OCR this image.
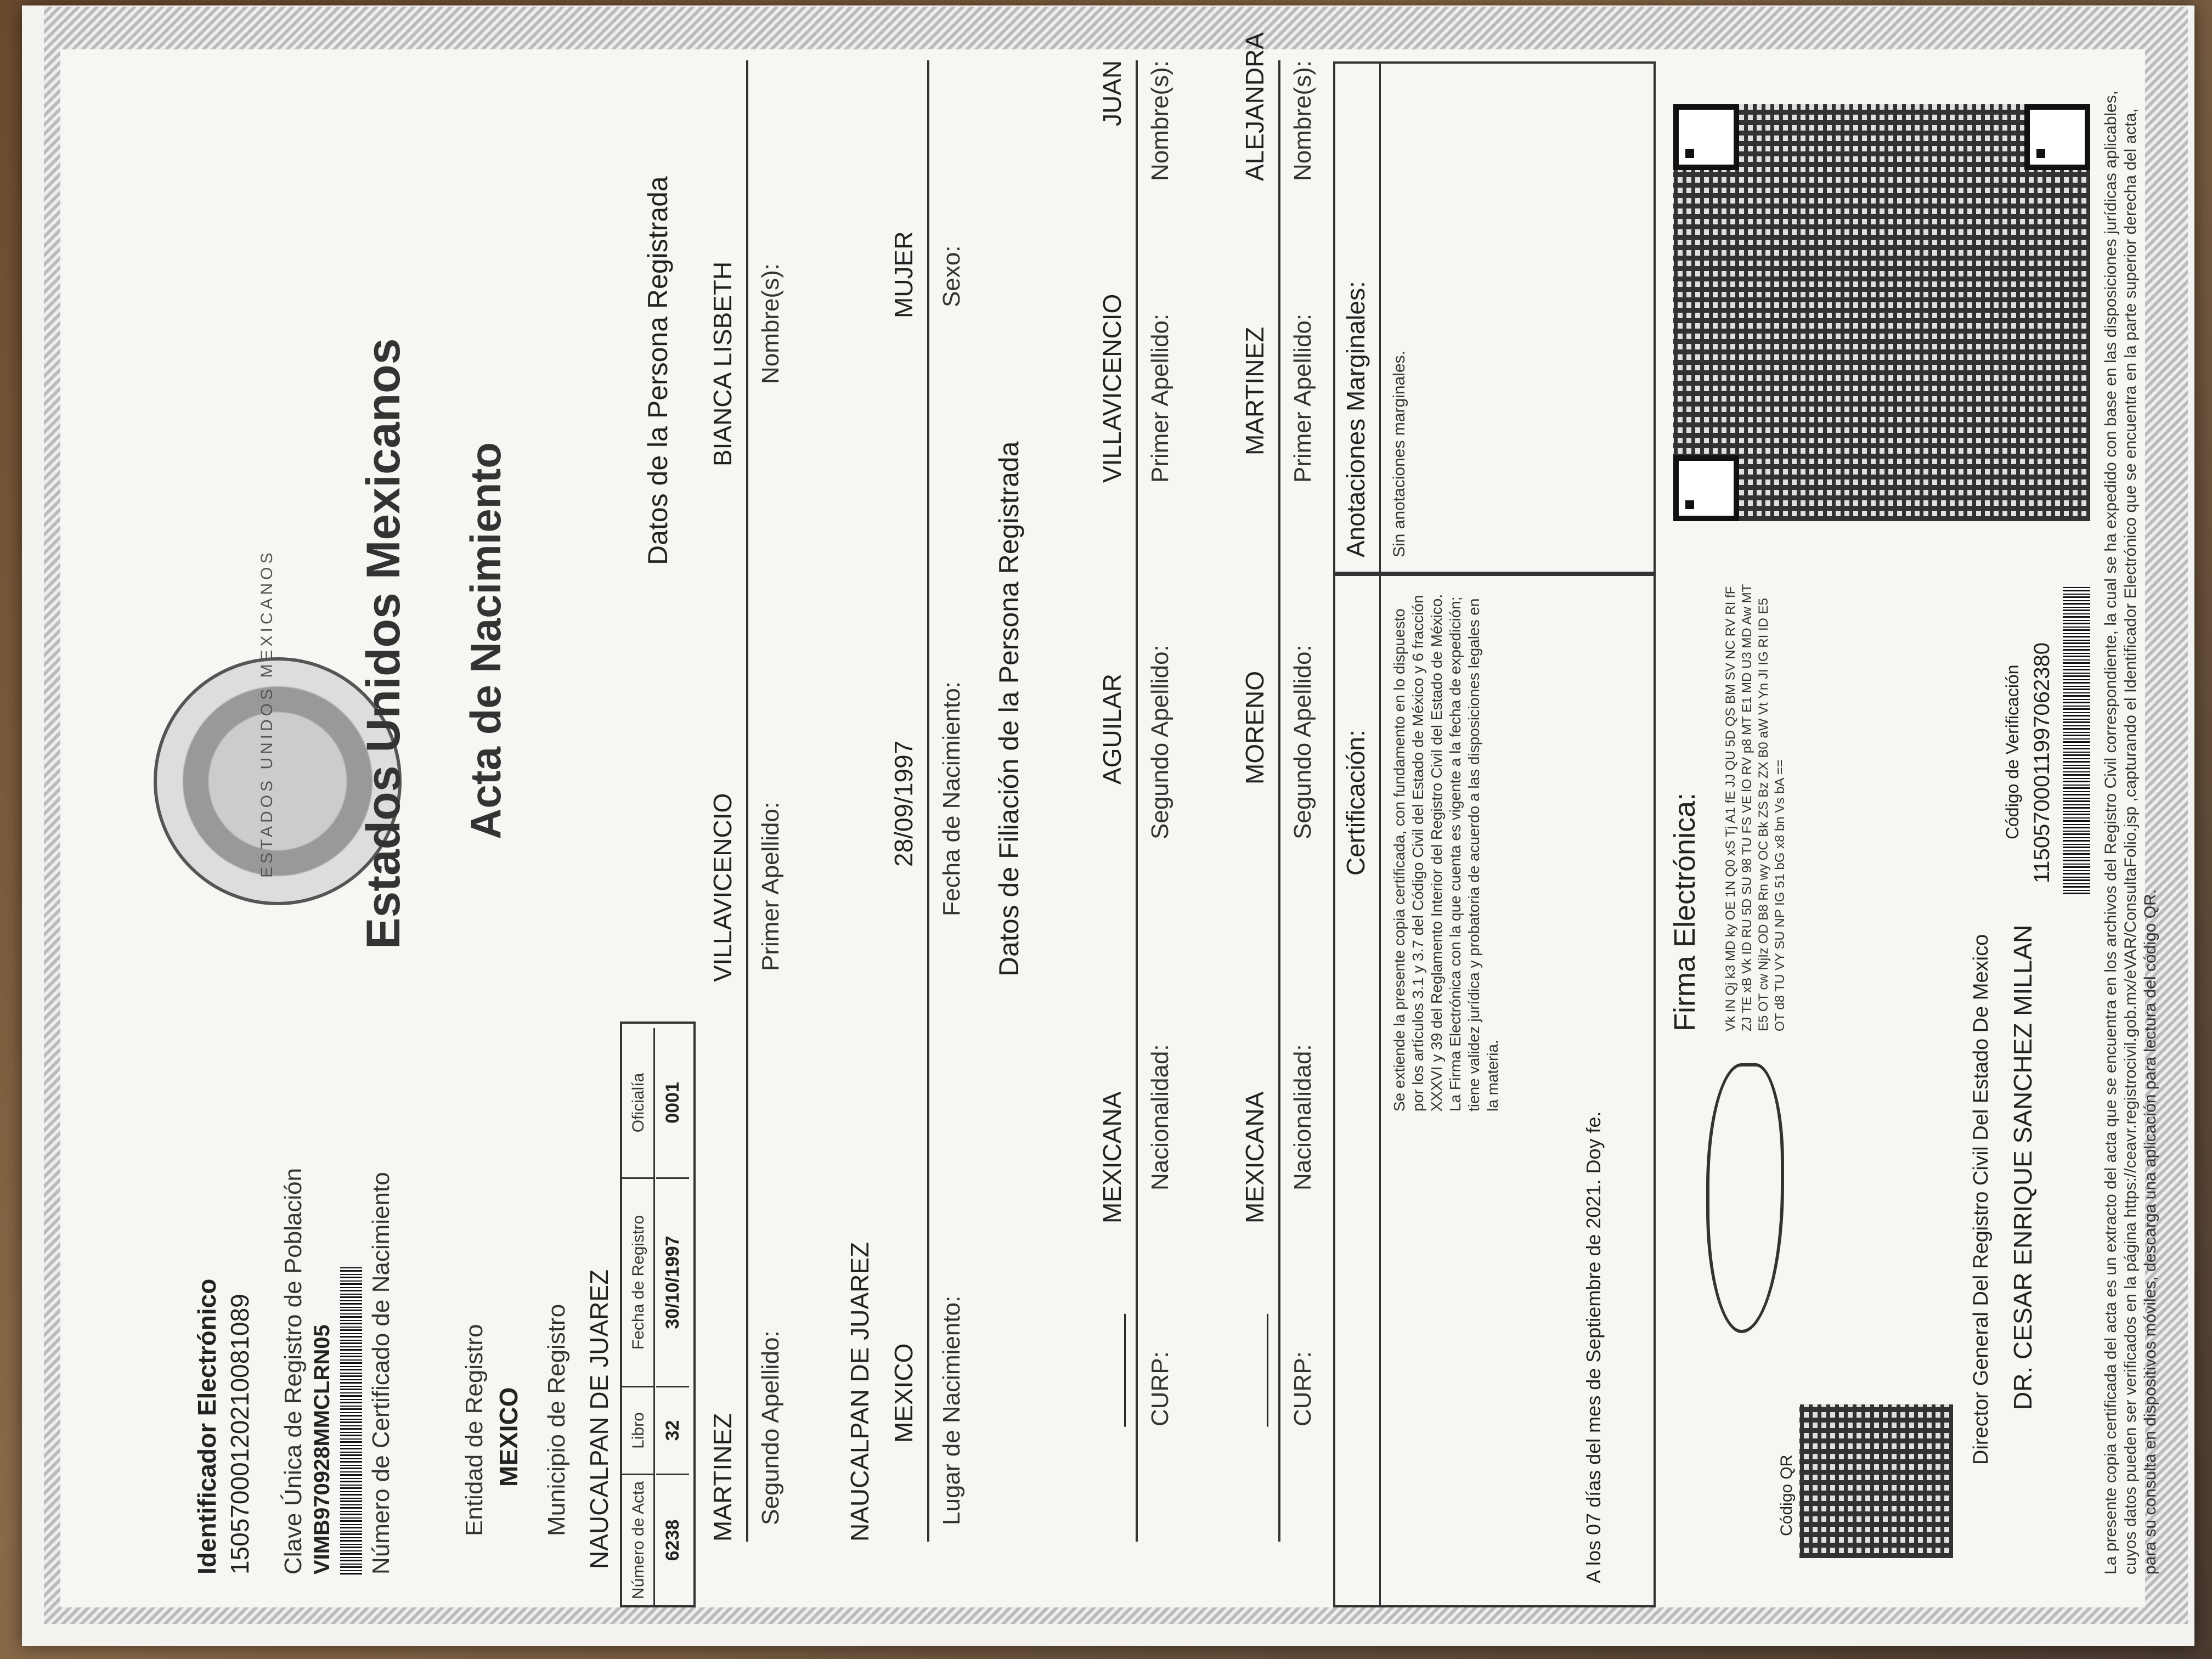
ESTADOS UNIDOS MEXICANOS
Identificador Electrónico 150570001202100810​89 Clave Única de Registro de Población VIMB970928MMCLRN05 Número de Certificado de Nacimiento	Entidad de Registro MEXICO Municipio de Registro NAUCALPAN DE JUAREZ Número de Acta
Libro
Fecha de Registro
Oficialía
6238
32
30/10/1997
0001
Estados Unidos Mexicanos Acta de Nacimiento
Datos de la Persona Registrada
MARTINEZ
VILLAVICENCIO
BIANCA LISBETH
Segundo Apellido:
Primer Apellido:
Nombre(s):
NAUCALPAN DE JUAREZ MEXICO
28/09/1997
MUJER
Lugar de Nacimiento:
Fecha de Nacimiento:
Sexo:
Datos de Filiación de la Persona Registrada
________
MEXICANA
AGUILAR
VILLAVICENCIO
JUAN
CURP:
Nacionalidad:
Segundo Apellido:
Primer Apellido:
Nombre(s):
________
MEXICANA
MORENO
MARTINEZ
ALEJANDRA
CURP:
Nacionalidad:
Segundo Apellido:
Primer Apellido:
Nombre(s):
Certificación: Se extiende la presente copia certificada, con fundamento en lo dispuesto por los artículos 3.1 y 3.7 del Código Civil del Estado de México y 6 fracción XXXVI y 39 del Reglamento Interior del Registro Civil del Estado de México. La Firma Electrónica con la que cuenta es vigente a la fecha de expedición; tiene validez jurídica y probatoria de acuerdo a las disposiciones legales en la materia.

A los 07 días del mes de Septiembre de 2021. Doy fe.
Anotaciones Marginales: Sin anotaciones marginales.
Firma Electrónica: Vk IN Qj k3 MD ky OE 1N Q0 xS Tj A1 fE JJ QU 5D QS BM SV NC RV RI fF ZJ TE xB Vk ID RU 5D SU 98 TU FS VE lO RV p8 MT E1 MD U3 MD Aw MT E5 OT cw NjIz OD B8 Rn wy OC Bk ZS Bz ZX B0 aW Vt Yn JI IG RI ID E5 OT d8 TU VY SU NP IG 51 bG x8 bn Vs bA ==

Director General Del Registro Civil Del Estado De Mexico DR. CESAR ENRIQUE SANCHEZ MILLAN
Código QR
Código de Verificación 115057000119970​62380	La presente copia certificada del acta es un extracto del acta que se encuentra en los archivos del Registro Civil correspondiente, la cual se ha expedido con base en las disposiciones jurídicas aplicables, cuyos datos pueden ser verificados en la página https://ceavr.registrocivil.gob.mx/eVAR/ConsultaFolio.jsp ,capturando el Identificador Electrónico que se encuentra en la parte superior derecha del acta, para su consulta en dispositivos móviles, descarga una aplicación para lectura del código QR.
